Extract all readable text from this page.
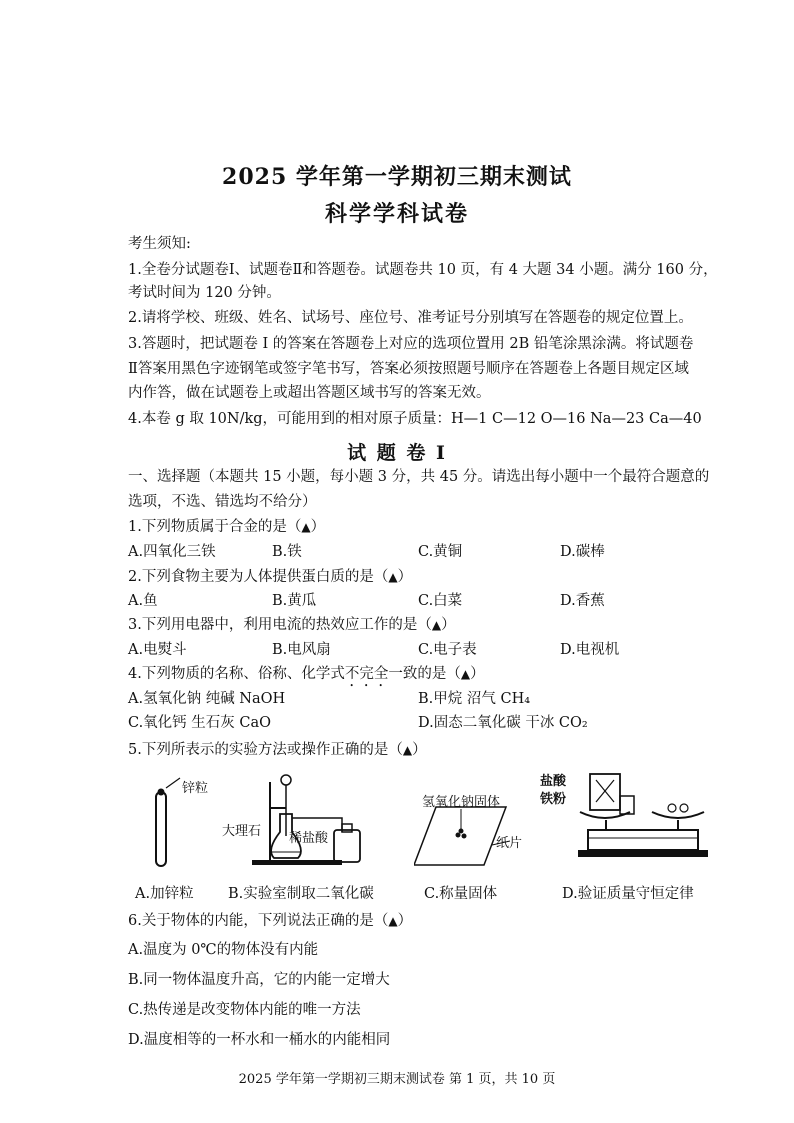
2025 学年第一学期初三期末测试
科学学科试卷
考生须知:
1.全卷分试题卷Ⅰ、试题卷Ⅱ和答题卷。试题卷共 10 页，有 4 大题 34 小题。满分 160 分，
考试时间为 120 分钟。
2.请将学校、班级、姓名、试场号、座位号、准考证号分别填写在答题卷的规定位置上。
3.答题时，把试题卷 I 的答案在答题卷上对应的选项位置用 2B 铅笔涂黑涂满。将试题卷
Ⅱ答案用黑色字迹钢笔或签字笔书写，答案必须按照题号顺序在答题卷上各题目规定区域
内作答，做在试题卷上或超出答题区域书写的答案无效。
4.本卷 g 取 10N/kg，可能用到的相对原子质量：H—1 C—12 O—16 Na—23 Ca—40
试 题 卷 I
一、选择题（本题共 15 小题，每小题 3 分，共 45 分。请选出每小题中一个最符合题意的
选项，不选、错选均不给分）
1.下列物质属于合金的是（▲）
A.四氧化三铁	B.铁	C.黄铜	D.碳棒
2.下列食物主要为人体提供蛋白质的是（▲）
A.鱼	B.黄瓜	C.白菜	D.香蕉
3.下列用电器中，利用电流的热效应工作的是（▲）
A.电熨斗	B.电风扇	C.电子表	D.电视机
4.下列物质的名称、俗称、化学式不完全一致的是（▲）
A.氢氧化钠 纯碱 NaOH	B.甲烷 沼气 CH₄
C.氧化钙 生石灰 CaO	D.固态二氧化碳 干冰 CO₂
5.下列所表示的实验方法或操作正确的是（▲）
锌粒
大理石 稀盐酸
氢氧化钠固体
纸片
盐酸
铁粉
A.加锌粒 B.实验室制取二氧化碳	C.称量固体	D.验证质量守恒定律
6.关于物体的内能，下列说法正确的是（▲）
A.温度为 0℃的物体没有内能
B.同一物体温度升高，它的内能一定增大
C.热传递是改变物体内能的唯一方法
D.温度相等的一杯水和一桶水的内能相同
2025 学年第一学期初三期末测试卷 第 1 页，共 10 页
